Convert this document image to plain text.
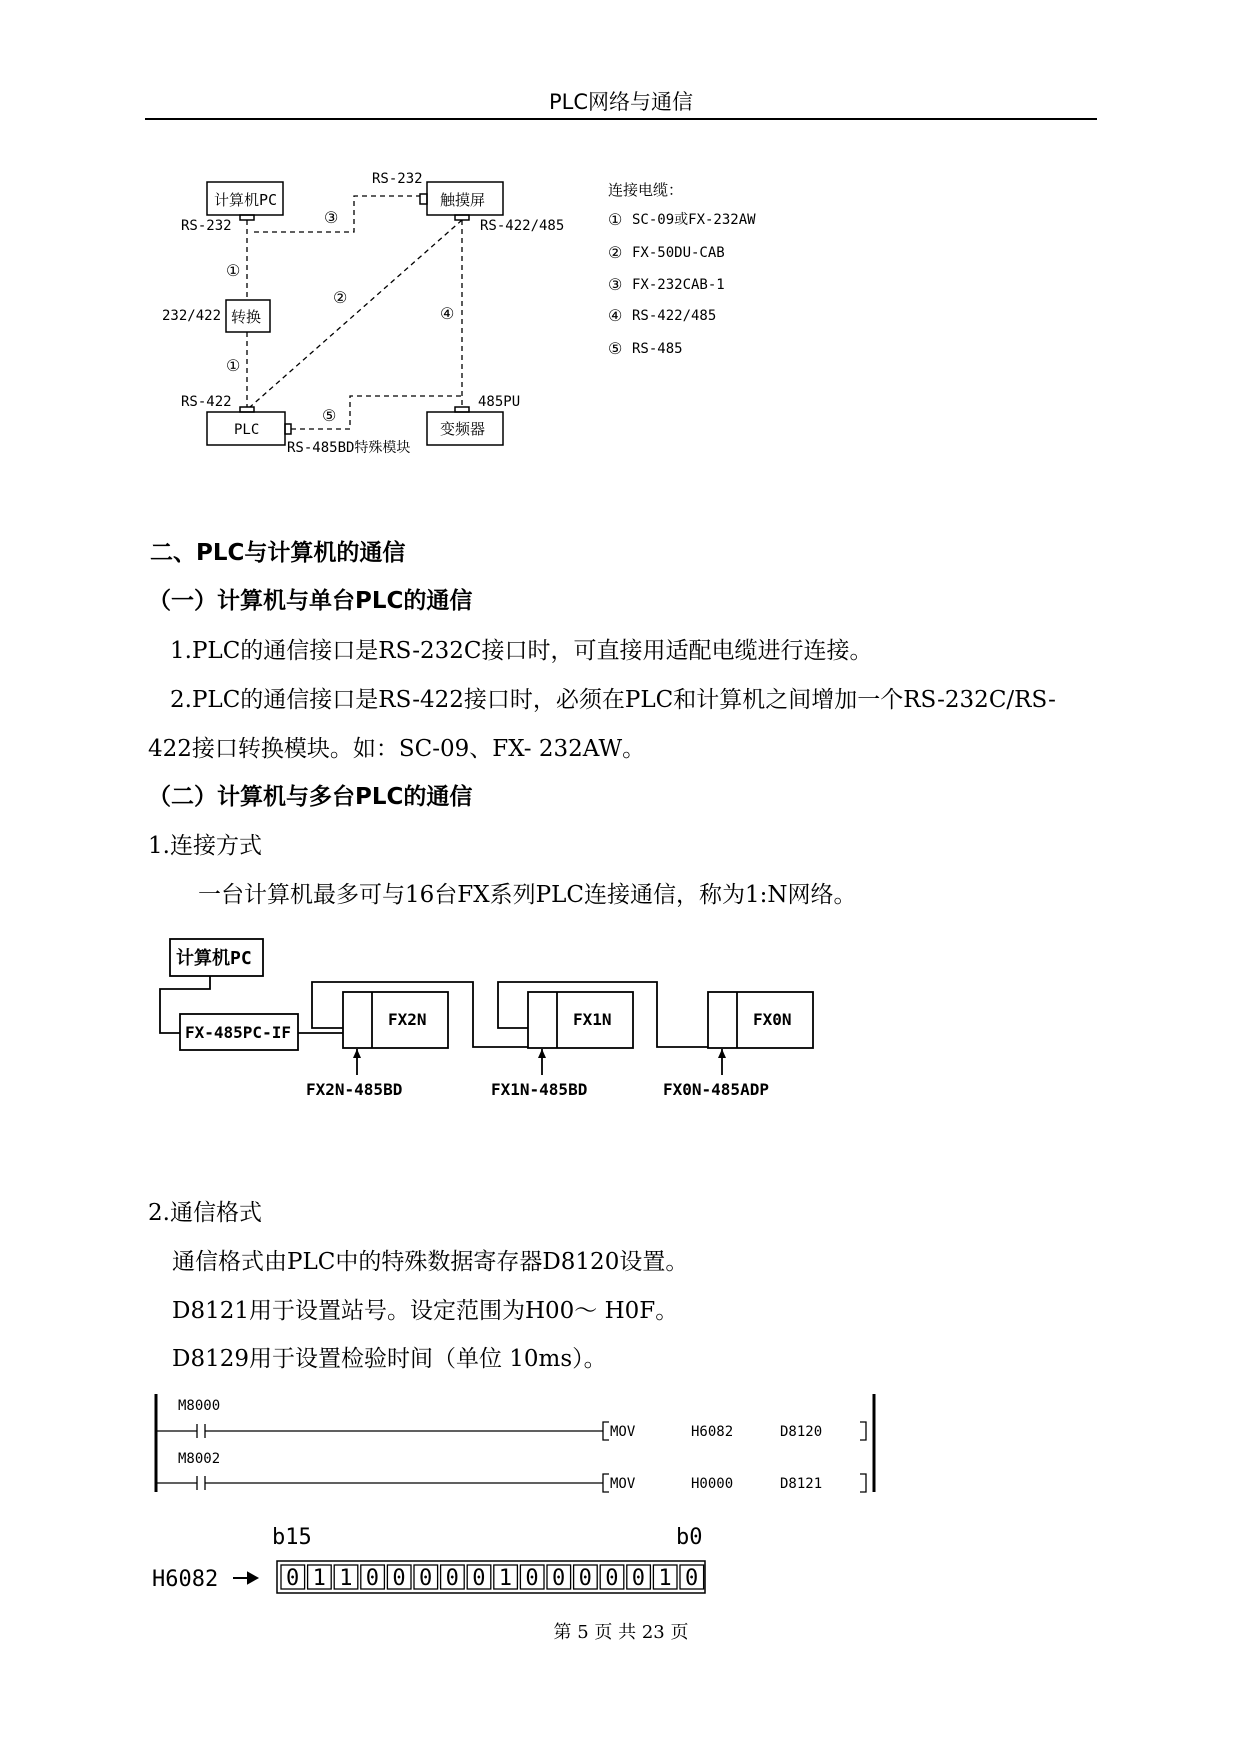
PLC网络与通信
计算机PC	触摸屏
转换
PLC	变频器
RS-232
RS-232	RS-422/485
232/422
RS-422	485PU
RS-485BD特殊模块
③
①
②
④
①
⑤
连接电缆：
① SC-09或FX-232AW
② FX-50DU-CAB
③ FX-232CAB-1
④ RS-422/485
⑤ RS-485
二、PLC与计算机的通信
（一）计算机与单台PLC的通信
1.PLC的通信接口是RS-232C接口时，可直接用适配电缆进行连接。
2.PLC的通信接口是RS-422接口时，必须在PLC和计算机之间增加一个RS-232C/RS-
422接口转换模块。如：SC-09、FX- 232AW。
（二）计算机与多台PLC的通信
1.连接方式
一台计算机最多可与16台FX系列PLC连接通信，称为1:N网络。
计算机PC
FX-485PC-IF
FX2N	FX1N	FX0N
FX2N-485BD	FX1N-485BD	FX0N-485ADP
2.通信格式
通信格式由PLC中的特殊数据寄存器D8120设置。
D8121用于设置站号。设定范围为H00～ H0F。
D8129用于设置检验时间（单位 10ms）。
M8000
MOV	H6082	D8120
M8002
MOV	H0000	D8121
H6082
b15	b0
0 1 1 0 0 0 0 0 1 0 0 0 0 0 1 0
第 5 页 共 23 页
